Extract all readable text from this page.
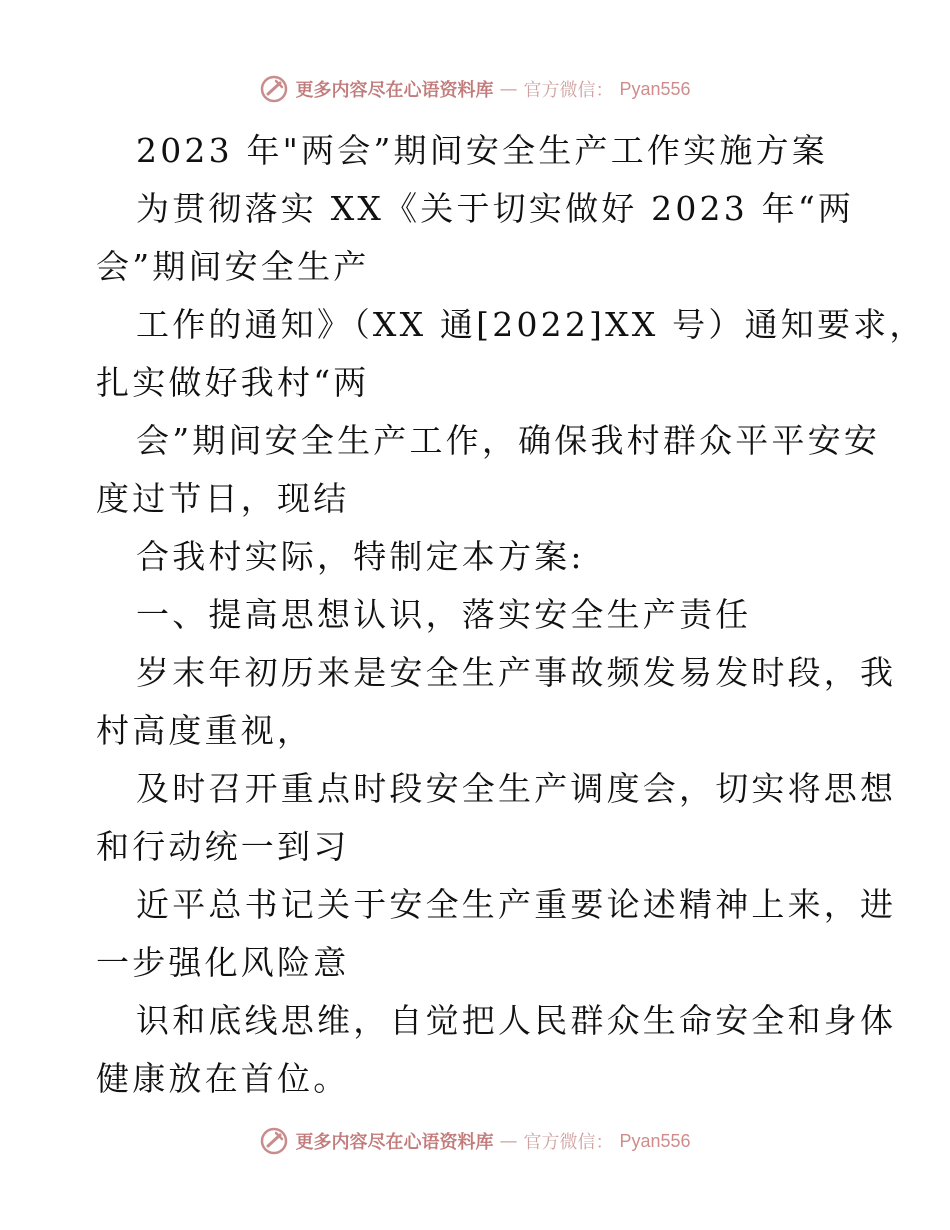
更多内容尽在心语资料库 — 官方微信： Pyan556
2023 年"两会”期间安全生产工作实施方案
为贯彻落实 XX《关于切实做好 2023 年“两
会”期间安全生产
工作的通知》（XX 通[2022]XX 号）通知要求，
扎实做好我村“两
会”期间安全生产工作，确保我村群众平平安安
度过节日，现结
合我村实际，特制定本方案:
一、提高思想认识，落实安全生产责任
岁末年初历来是安全生产事故频发易发时段，我
村高度重视，
及时召开重点时段安全生产调度会，切实将思想
和行动统一到习
近平总书记关于安全生产重要论述精神上来，进
一步强化风险意
识和底线思维，自觉把人民群众生命安全和身体
健康放在首位。
更多内容尽在心语资料库 — 官方微信： Pyan556
